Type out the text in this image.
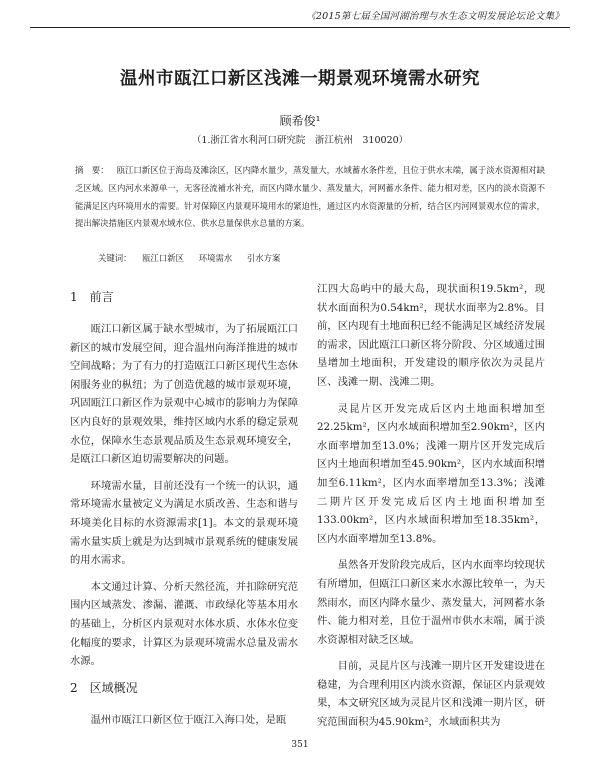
《2015第七届全国河湖治理与水生态文明发展论坛论文集》
温州市瓯江口新区浅滩一期景观环境需水研究
顾希俊¹
（1.浙江省水利河口研究院　浙江杭州　310020）
摘　要： 瓯江口新区位于海岛及滩涂区，区内降水量少，蒸发量大，水域蓄水条件差，且位于供水末端，属于淡水资源相对缺乏区域。区内河水来源单一，无客径流補水补充，而区内降水量少、蒸发量大，河网蓄水条件、能力相对差，区内的淡水资源不能满足区内环境用水的需要。针对保障区内景观环境用水的紧迫性，通过区内水资源量的分析，结合区内河网景观水位的需求，提出解决措施区内景观水域水位、供水总量保供水总量的方案。
关键词： 瓯江口新区 环境需水 引水方案
1 前言

瓯江口新区属于缺水型城市，为了拓展瓯江口新区的城市发展空间，迎合温州向海洋推进的城市空间战略；为了有力的打造瓯江口新区现代生态休闲服务业的枞纽；为了创造优越的城市景观环境，巩固瓯江口新区作为景观中心城市的影响力为保障区内良好的景观效果，维持区域内水系的稳定景观水位，保障水生态景观品质及生态景观环境安全，是瓯江口新区迫切需要解决的问题。

环境需水量，目前还没有一个统一的认识，通常环境需水量被定义为满足水质改善、生态和谐与环境美化目标的水资源需求[1]。本文的景观环境需水量实质上就是为达到城市景观系统的健康发展的用水需求。

本文通过计算、分析天然径流，并扣除研究范围内区域蒸发、渗漏、灌溉、市政绿化等基本用水的基础上，分析区内景观对水体水质、水体水位变化幅度的要求，计算区为景观环境需水总量及需水水源。

2 区域概况

温州市瓯江口新区位于瓯江入海口处，是瓯

江四大岛屿中的最大岛，现状面积19.5km²，现状水面面积为0.54km²，现状水面率为2.8%。目前，区内现有土地面积已经不能满足区域经济发展的需求，因此瓯江口新区将分阶段、分区域通过围垦增加土地面积，开发建设的顺序依次为灵昆片区、浅滩一期、浅滩二期。

灵昆片区开发完成后区内土地面积增加至22.25km²，区内水域面积增加至2.90km²，区内水面率增加至13.0%；浅滩一期片区开发完成后区内土地面积增加至45.90km²，区内水域面积增加至6.11km²，区内水面率增加至13.3%；浅滩二期片区开发完成后区内土地面积增加至133.00km²，区内水域面积增加至18.35km²，区内水面率增加至13.8%。

虽然各开发阶段完成后，区内水面率均较现状有所增加，但瓯江口新区来水水源比较单一，为天然雨水，而区内降水量少、蒸发量大，河网蓄水条件、能力相对差，且位于温州市供水末端，属于淡水资源相对缺乏区域。

目前，灵昆片区与浅滩一期片区开发建设进在稳建，为合理利用区内淡水资源，保证区内景观效果，本文研究区域为灵昆片区和浅滩一期片区，研究范围面积为45.90km²，水域面积共为

351
